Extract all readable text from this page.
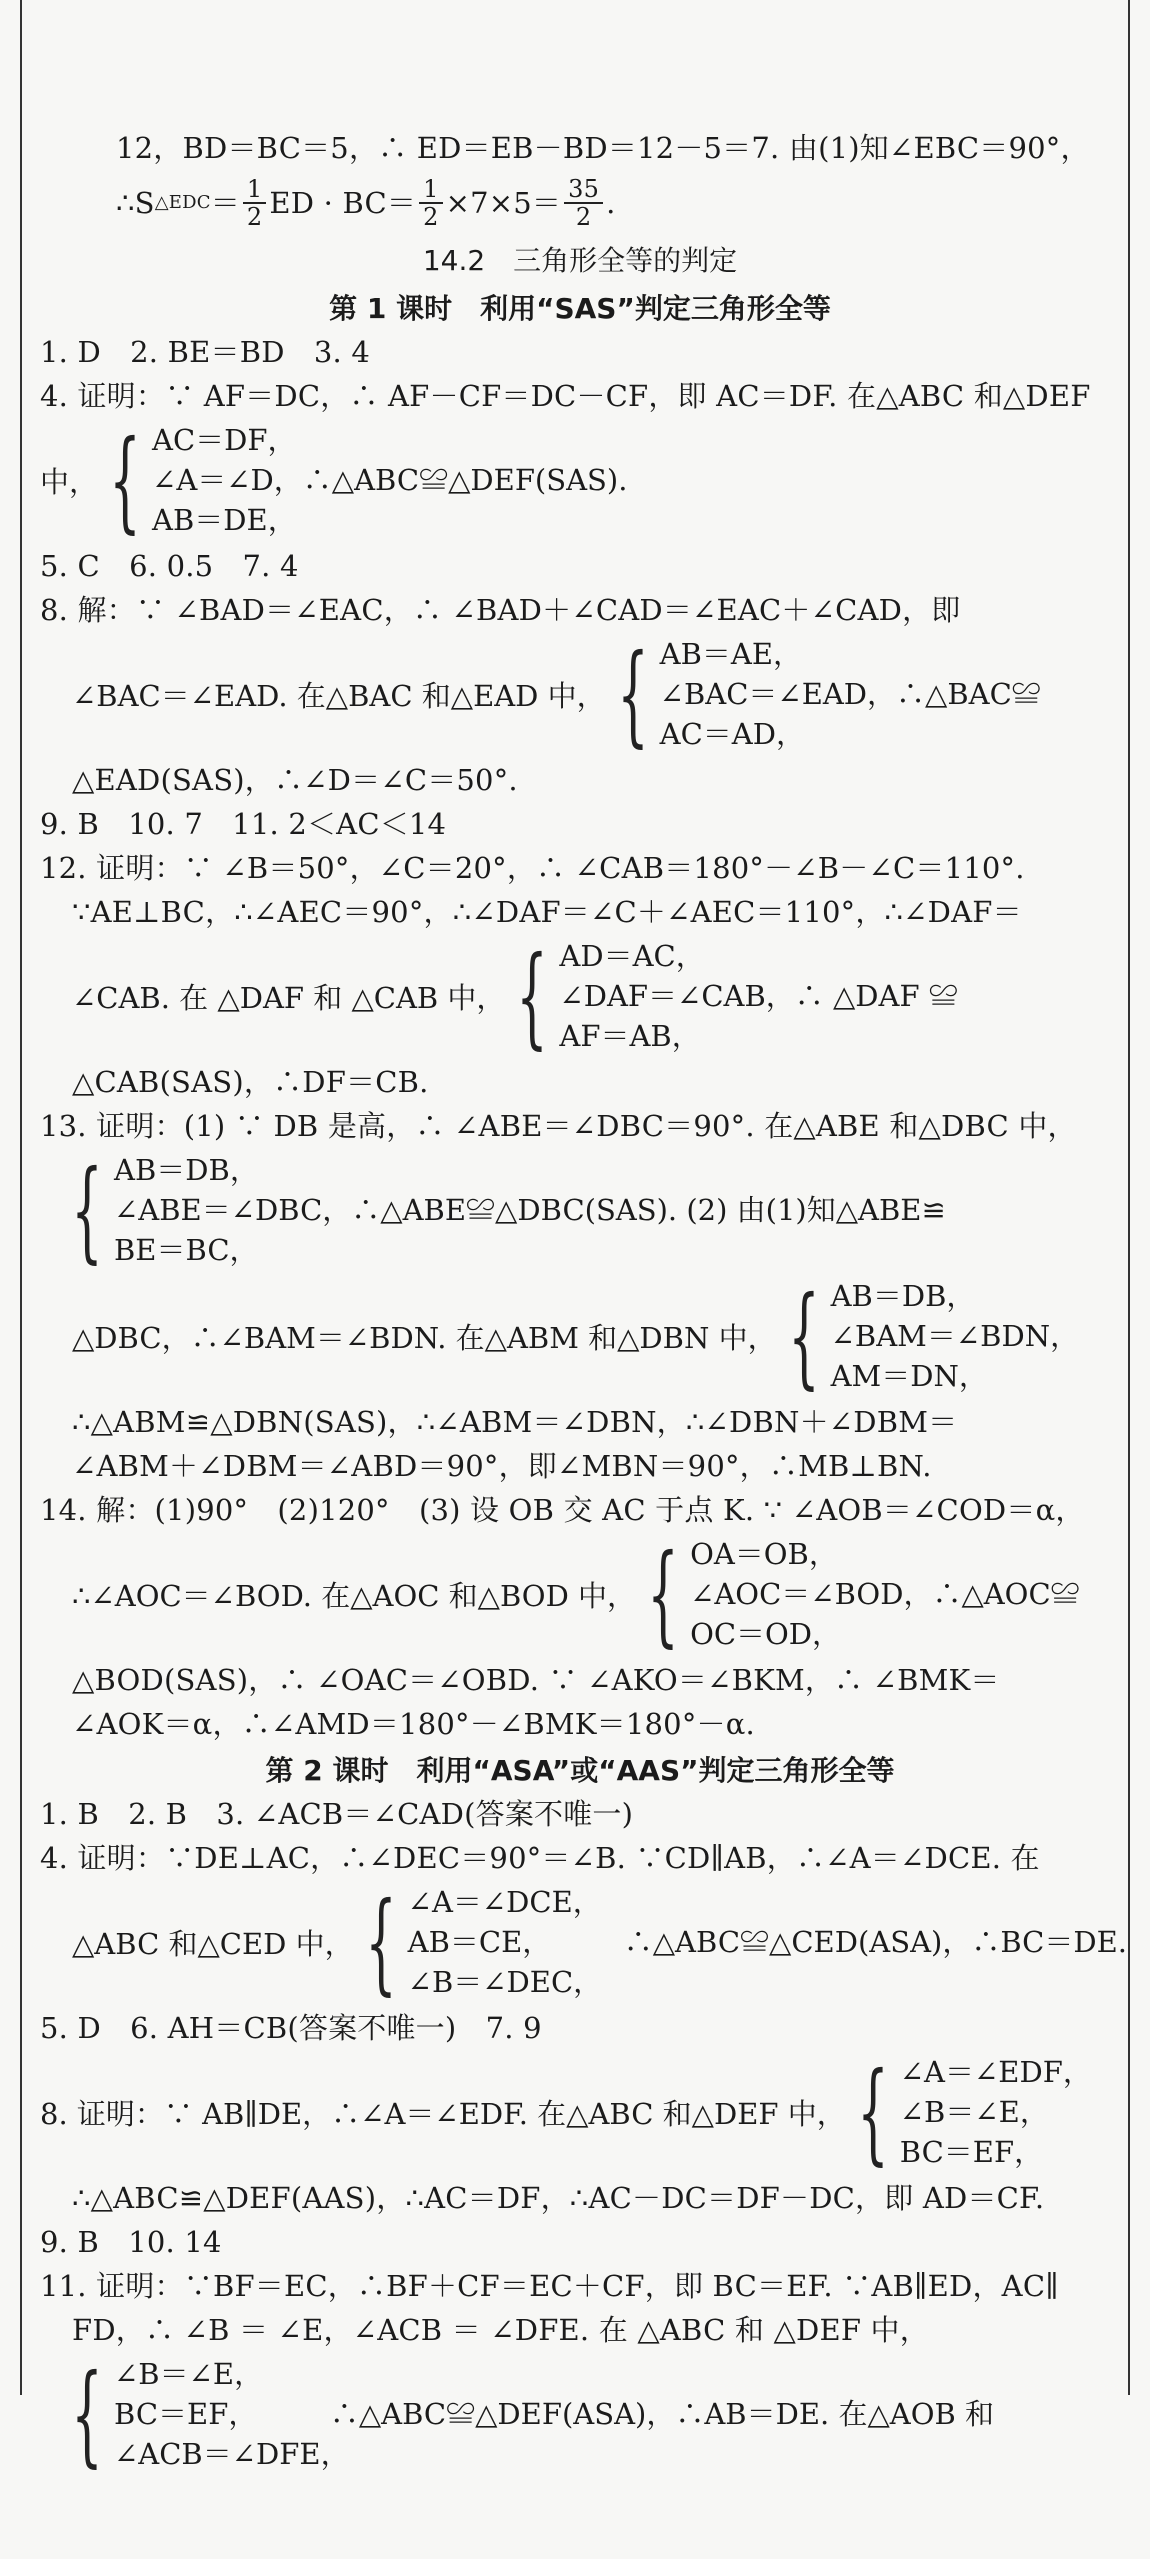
12，BD＝BC＝5，∴ ED＝EB－BD＝12－5＝7. 由(1)知∠EBC＝90°，
∴S △EDC ＝ $\frac{1}{2}$ ED · $BC= \frac{1}{2} \times 7\times 5= \frac{35}{2}$ .
14.2　三角形全等的判定
第 1 课时　利用“SAS”判定三角形全等
1. D　2. BE＝BD　3. 4
4. 证明：∵ AF＝DC，∴ AF－CF＝DC－CF，即 AC＝DF. 在△ABC 和△DEF
中， { AC＝DF，
∠A＝∠D，∴△ABC≌△DEF(SAS).
AB＝DE，
5. C　6. 0.5　7. 4
8. 解：∵ ∠BAD＝∠EAC，∴ ∠BAD＋∠CAD＝∠EAC＋∠CAD，即
∠BAC＝∠EAD. 在△BAC 和△EAD 中， { AB＝AE，
∠BAC＝∠EAD，∴△BAC≌
AC＝AD，
△EAD(SAS)，∴∠D＝∠C＝50°.
9. B　10. 7　11. 2＜AC＜14
12. 证明：∵ ∠B＝50°，∠C＝20°，∴ ∠CAB＝180°－∠B－∠C＝110°.
∵AE⊥BC，∴∠AEC＝90°，∴∠DAF＝∠C＋∠AEC＝110°，∴∠DAF＝
∠CAB. 在 △DAF 和 △CAB 中， { AD＝AC，
∠DAF＝∠CAB，∴ △DAF ≌
AF＝AB，
△CAB(SAS)，∴DF＝CB.
13. 证明：(1) ∵ DB 是高，∴ ∠ABE＝∠DBC＝90°. 在△ABE 和△DBC 中，
{ AB＝DB，
∠ABE＝∠DBC，∴△ABE≌△DBC(SAS). (2) 由(1)知△ABE≌
BE＝BC，
△DBC，∴∠BAM＝∠BDN. 在△ABM 和△DBN 中， { AB＝DB，
∠BAM＝∠BDN，
AM＝DN，
∴△ABM≌△DBN(SAS)，∴∠ABM＝∠DBN，∴∠DBN＋∠DBM＝
∠ABM＋∠DBM＝∠ABD＝90°，即∠MBN＝90°，∴MB⊥BN.
14. 解：(1)90°　(2)120°　(3) 设 OB 交 AC 于点 K. ∵ ∠AOB＝∠COD＝α，
∴∠AOC＝∠BOD. 在△AOC 和△BOD 中， { OA＝OB，
∠AOC＝∠BOD，∴△AOC≌
OC＝OD，
△BOD(SAS)，∴ ∠OAC＝∠OBD. ∵ ∠AKO＝∠BKM，∴ ∠BMK＝
∠AOK＝α，∴∠AMD＝180°－∠BMK＝180°－α.
第 2 课时　利用“ASA”或“AAS”判定三角形全等
1. B　2. B　3. ∠ACB＝∠CAD(答案不唯一)
4. 证明：∵DE⊥AC，∴∠DEC＝90°＝∠B. ∵CD∥AB，∴∠A＝∠DCE. 在
△ABC 和△CED 中， { ∠A＝∠DCE，
AB＝CE，　　　∴△ABC≌△CED(ASA)，∴BC＝DE.
∠B＝∠DEC，
5. D　6. AH＝CB(答案不唯一)　7. 9
8. 证明：∵ AB∥DE，∴∠A＝∠EDF. 在△ABC 和△DEF 中， { ∠A＝∠EDF，
∠B＝∠E，
BC＝EF，
∴△ABC≌△DEF(AAS)，∴AC＝DF，∴AC－DC＝DF－DC，即 AD＝CF.
9. B　10. 14
11. 证明：∵BF＝EC，∴BF＋CF＝EC＋CF，即 BC＝EF. ∵AB∥ED，AC∥
FD，∴ ∠B ＝ ∠E，∠ACB ＝ ∠DFE. 在 △ABC 和 △DEF 中，
{ ∠B＝∠E，
BC＝EF，　　　∴△ABC≌△DEF(ASA)，∴AB＝DE. 在△AOB 和
∠ACB＝∠DFE，
